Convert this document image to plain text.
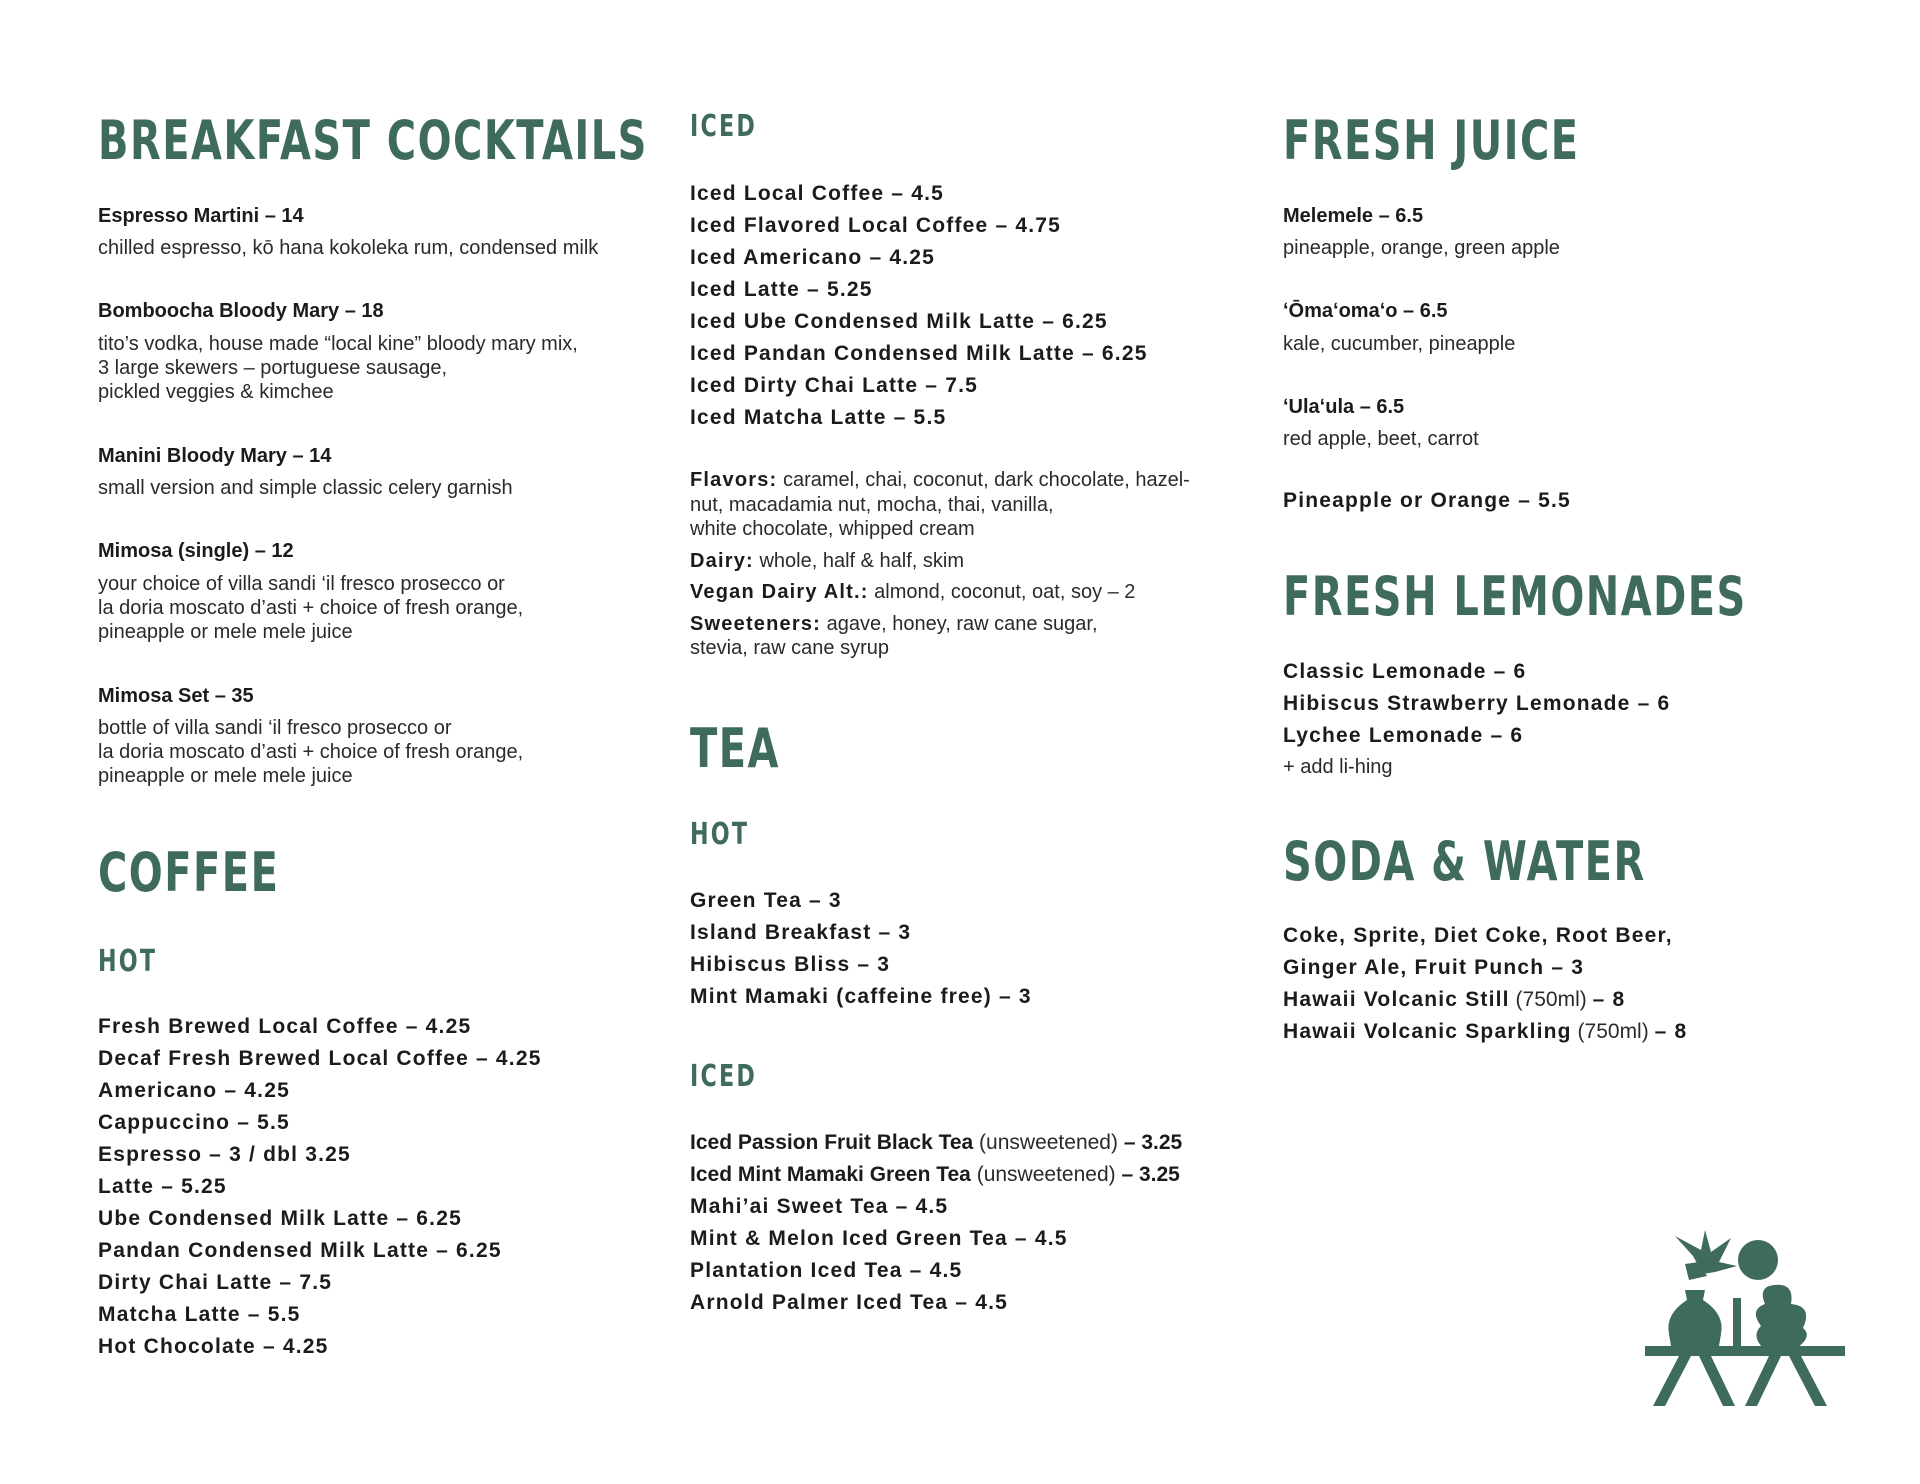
BREAKFAST COCKTAILS
Espresso Martini – 14
chilled espresso, kō hana kokoleka rum, condensed milk
Bomboocha Bloody Mary – 18
tito’s vodka, house made “local kine” bloody mary mix,
3 large skewers – portuguese sausage,
pickled veggies & kimchee
Manini Bloody Mary – 14
small version and simple classic celery garnish
Mimosa (single) – 12
your choice of villa sandi ‘il fresco prosecco or
la doria moscato d’asti + choice of fresh orange,
pineapple or mele mele juice
Mimosa Set – 35
bottle of villa sandi ‘il fresco prosecco or
la doria moscato d’asti + choice of fresh orange,
pineapple or mele mele juice
COFFEE
HOT
Fresh Brewed Local Coffee – 4.25
Decaf Fresh Brewed Local Coffee – 4.25
Americano – 4.25
Cappuccino – 5.5
Espresso – 3 / dbl 3.25
Latte – 5.25
Ube Condensed Milk Latte – 6.25
Pandan Condensed Milk Latte – 6.25
Dirty Chai Latte – 7.5
Matcha Latte – 5.5
Hot Chocolate – 4.25
ICED
Iced Local Coffee – 4.5
Iced Flavored Local Coffee – 4.75
Iced Americano – 4.25
Iced Latte – 5.25
Iced Ube Condensed Milk Latte – 6.25
Iced Pandan Condensed Milk Latte – 6.25
Iced Dirty Chai Latte – 7.5
Iced Matcha Latte – 5.5
Flavors: caramel, chai, coconut, dark chocolate, hazel-
nut, macadamia nut, mocha, thai, vanilla,
white chocolate, whipped cream
Dairy: whole, half & half, skim
Vegan Dairy Alt.: almond, coconut, oat, soy – 2
Sweeteners: agave, honey, raw cane sugar,
stevia, raw cane syrup
TEA
HOT
Green Tea – 3
Island Breakfast – 3
Hibiscus Bliss – 3
Mint Mamaki (caffeine free) – 3
ICED
Iced Passion Fruit Black Tea (unsweetened) – 3.25
Iced Mint Mamaki Green Tea (unsweetened) – 3.25
Mahi’ai Sweet Tea – 4.5
Mint & Melon Iced Green Tea – 4.5
Plantation Iced Tea – 4.5
Arnold Palmer Iced Tea – 4.5
FRESH JUICE
Melemele – 6.5
pineapple, orange, green apple
ʻŌmaʻomaʻo – 6.5
kale, cucumber, pineapple
ʻUlaʻula – 6.5
red apple, beet, carrot
Pineapple or Orange – 5.5
FRESH LEMONADES
Classic Lemonade – 6
Hibiscus Strawberry Lemonade – 6
Lychee Lemonade – 6
+ add li-hing
SODA & WATER
Coke, Sprite, Diet Coke, Root Beer,
Ginger Ale, Fruit Punch – 3
Hawaii Volcanic Still (750ml) – 8
Hawaii Volcanic Sparkling (750ml) – 8
